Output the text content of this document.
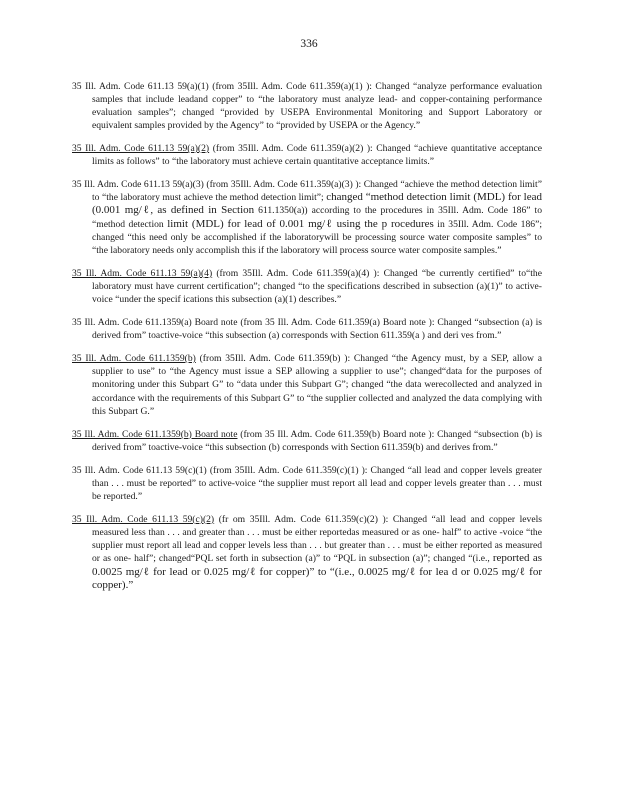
336

35 Ill. Adm. Code 611.13 59(a)(1) (from 35Ill. Adm. Code 611.359(a)(1) ): Changed “analyze performance evaluation samples that include leadand copper” to “the laboratory must analyze lead- and copper-containing performance evaluation samples”; changed “provided by USEPA Environmental Monitoring and Support Laboratory or equivalent samples provided by the Agency” to “provided by USEPA or the Agency.”

35 Ill. Adm. Code 611.13 59(a)(2) (from 35Ill. Adm. Code 611.359(a)(2) ): Changed “achieve quantitative acceptance limits as follows” to “the laboratory must achieve certain quantitative acceptance limits.”

35 Ill. Adm. Code 611.13 59(a)(3) (from 35Ill. Adm. Code 611.359(a)(3) ): Changed “achieve the method detection limit” to “the laboratory must achieve the method detection limit”; changed “method detection limit (MDL) for lead (0.001 mg/ℓ, as defined in Section 611.1350(a)) according to the procedures in 35Ill. Adm. Code 186” to “method detection limit (MDL) for lead of 0.001 mg/ℓ using the p rocedures in 35Ill. Adm. Code 186”; changed “this need only be accomplished if the laboratorywill be processing source water composite samples” to “the laboratory needs only accomplish this if the laboratory will process source water composite samples.”

35 Ill. Adm. Code 611.13 59(a)(4) (from 35Ill. Adm. Code 611.359(a)(4) ): Changed “be currently certified” to“the laboratory must have current certification”; changed “to the specifications described in subsection (a)(1)” to active- voice “under the specif ications this subsection (a)(1) describes.”

35 Ill. Adm. Code 611.1359(a) Board note (from 35 Ill. Adm. Code 611.359(a) Board note ): Changed “subsection (a) is derived from” toactive-voice “this subsection (a) corresponds with Section 611.359(a ) and deri ves from.”

35 Ill. Adm. Code 611.1359(b) (from 35Ill. Adm. Code 611.359(b) ): Changed “the Agency must, by a SEP, allow a supplier to use” to “the Agency must issue a SEP allowing a supplier to use”; changed“data for the purposes of monitoring under this Subpart G” to “data under this Subpart G”; changed “the data werecollected and analyzed in accordance with the requirements of this Subpart G” to “the supplier collected and analyzed the data complying with this Subpart G.”

35 Ill. Adm. Code 611.1359(b) Board note (from 35 Ill. Adm. Code 611.359(b) Board note ): Changed “subsection (b) is derived from” toactive-voice “this subsection (b) corresponds with Section 611.359(b) and derives from.”

35 Ill. Adm. Code 611.13 59(c)(1) (from 35Ill. Adm. Code 611.359(c)(1) ): Changed “all lead and copper levels greater than . . . must be reported” to active-voice “the supplier must report all lead and copper levels greater than . . . must be reported.”

35 Ill. Adm. Code 611.13 59(c)(2) (fr om 35Ill. Adm. Code 611.359(c)(2) ): Changed “all lead and copper levels measured less than . . . and greater than . . . must be either reportedas measured or as one- half” to active -voice “the supplier must report all lead and copper levels less than . . . but greater than . . . must be either reported as measured or as one- half”; changed“PQL set forth in subsection (a)” to “PQL in subsection (a)”; changed “(i.e., reported as 0.0025 mg/ℓ for lead or 0.025 mg/ℓ for copper)” to “(i.e., 0.0025 mg/ℓ for lea d or 0.025 mg/ℓ for copper).”
